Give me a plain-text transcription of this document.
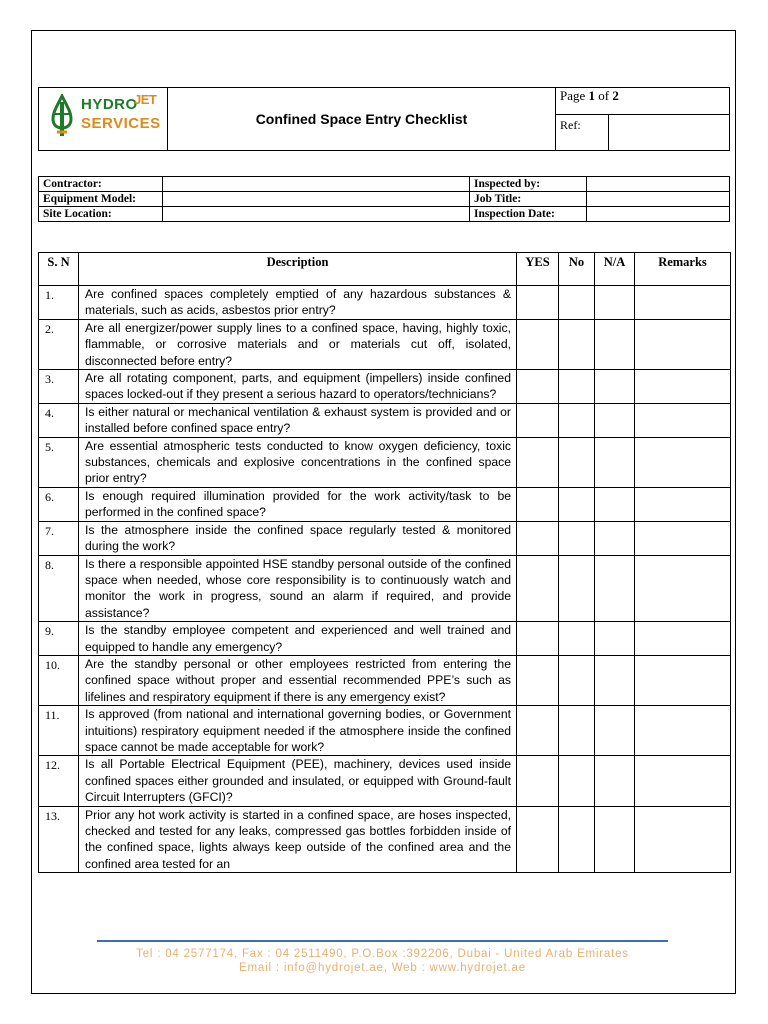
HYDRO
JET
SERVICES	Confined Space Entry Checklist	Page 1 of 2	
		Ref:	
Contractor:		Inspected by:	
Equipment Model:		Job Title:	
Site Location:		Inspection Date:	
S. N	Description	YES	No	N/A	Remarks
1.	Are confined spaces completely emptied of any hazardous substances & materials, such as acids, asbestos prior entry?				
2.	Are all energizer/power supply lines to a confined space, having, highly toxic, flammable, or corrosive materials and or materials cut off, isolated, disconnected before entry?				
3.	Are all rotating component, parts, and equipment (impellers) inside confined spaces locked-out if they present a serious hazard to operators/technicians?				
4.	Is either natural or mechanical ventilation & exhaust system is provided and or installed before confined space entry?				
5.	Are essential atmospheric tests conducted to know oxygen deficiency, toxic substances, chemicals and explosive concentrations in the confined space prior entry?				
6.	Is enough required illumination provided for the work activity/task to be performed in the confined space?				
7.	Is the atmosphere inside the confined space regularly tested & monitored during the work?				
8.	Is there a responsible appointed HSE standby personal outside of the confined space when needed, whose core responsibility is to continuously watch and monitor the work in progress, sound an alarm if required, and provide assistance?				
9.	Is the standby employee competent and experienced and well trained and equipped to handle any emergency?				
10.	Are the standby personal or other employees restricted from entering the confined space without proper and essential recommended PPE’s such as lifelines and respiratory equipment if there is any emergency exist?				
11.	Is approved (from national and international governing bodies, or Government intuitions) respiratory equipment needed if the atmosphere inside the confined space cannot be made acceptable for work?				
12.	Is all Portable Electrical Equipment (PEE), machinery, devices used inside confined spaces either grounded and insulated, or equipped with Ground-fault Circuit Interrupters (GFCI)?				
13.	Prior any hot work activity is started in a confined space, are hoses inspected, checked and tested for any leaks, compressed gas bottles forbidden inside of the confined space, lights always keep outside of the confined area and the confined area tested for an				
Tel : 04 2577174, Fax : 04 2511490, P.O.Box :392206, Dubai - United Arab Emirates
Email : info@hydrojet.ae, Web : www.hydrojet.ae
